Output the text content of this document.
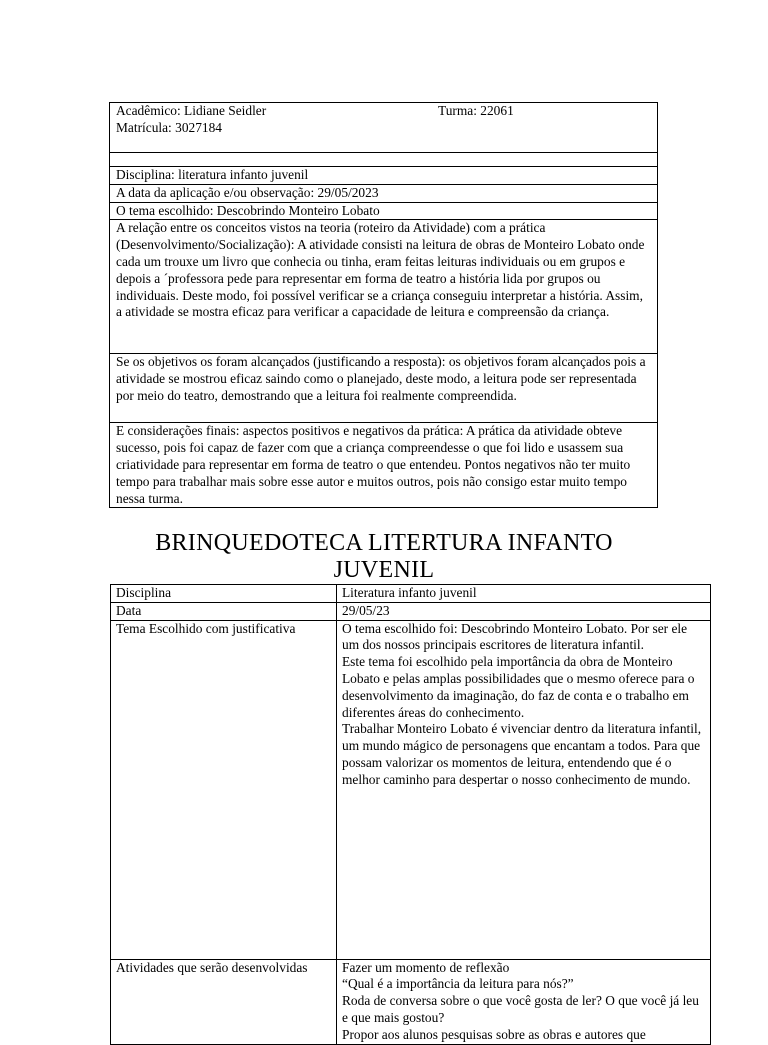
Acadêmico: Lidiane Seidler	Turma: 22061
Matrícula: 3027184

Disciplina: literatura infanto juvenil
A data da aplicação e/ou observação: 29/05/2023
O tema escolhido: Descobrindo Monteiro Lobato
A relação entre os conceitos vistos na teoria (roteiro da Atividade) com a prática (Desenvolvimento/Socialização): A atividade consisti na leitura de obras de Monteiro Lobato onde cada um trouxe um livro que conhecia ou tinha, eram feitas leituras individuais ou em grupos e depois a ´professora pede para representar em forma de teatro a história lida por grupos ou individuais. Deste modo, foi possível verificar se a criança conseguiu interpretar a história. Assim, a atividade se mostra eficaz para verificar a capacidade de leitura e compreensão da criança.
Se os objetivos os foram alcançados (justificando a resposta): os objetivos foram alcançados pois a atividade se mostrou eficaz saindo como o planejado, deste modo, a leitura pode ser representada por meio do teatro, demostrando que a leitura foi realmente compreendida.
E considerações finais: aspectos positivos e negativos da prática: A prática da atividade obteve sucesso, pois foi capaz de fazer com que a criança compreendesse o que foi lido e usassem sua criatividade para representar em forma de teatro o que entendeu. Pontos negativos não ter muito tempo para trabalhar mais sobre esse autor e muitos outros, pois não consigo estar muito tempo nessa turma.
BRINQUEDOTECA LITERTURA INFANTO JUVENIL
Disciplina	Literatura infanto juvenil
Data	29/05/23
Tema Escolhido com justificativa	O tema escolhido foi: Descobrindo Monteiro Lobato. Por ser ele um dos nossos principais escritores de literatura infantil.
Este tema foi escolhido pela importância da obra de Monteiro Lobato e pelas amplas possibilidades que o mesmo oferece para o desenvolvimento da imaginação, do faz de conta e o trabalho em diferentes áreas do conhecimento.
Trabalhar Monteiro Lobato é vivenciar dentro da literatura infantil, um mundo mágico de personagens que encantam a todos. Para que possam valorizar os momentos de leitura, entendendo que é o melhor caminho para despertar o nosso conhecimento de mundo.

Atividades que serão desenvolvidas	Fazer um momento de reflexão
“Qual é a importância da leitura para nós?”
Roda de conversa sobre o que você gosta de ler? O que você já leu e que mais gostou?
Propor aos alunos pesquisas sobre as obras e autores que
